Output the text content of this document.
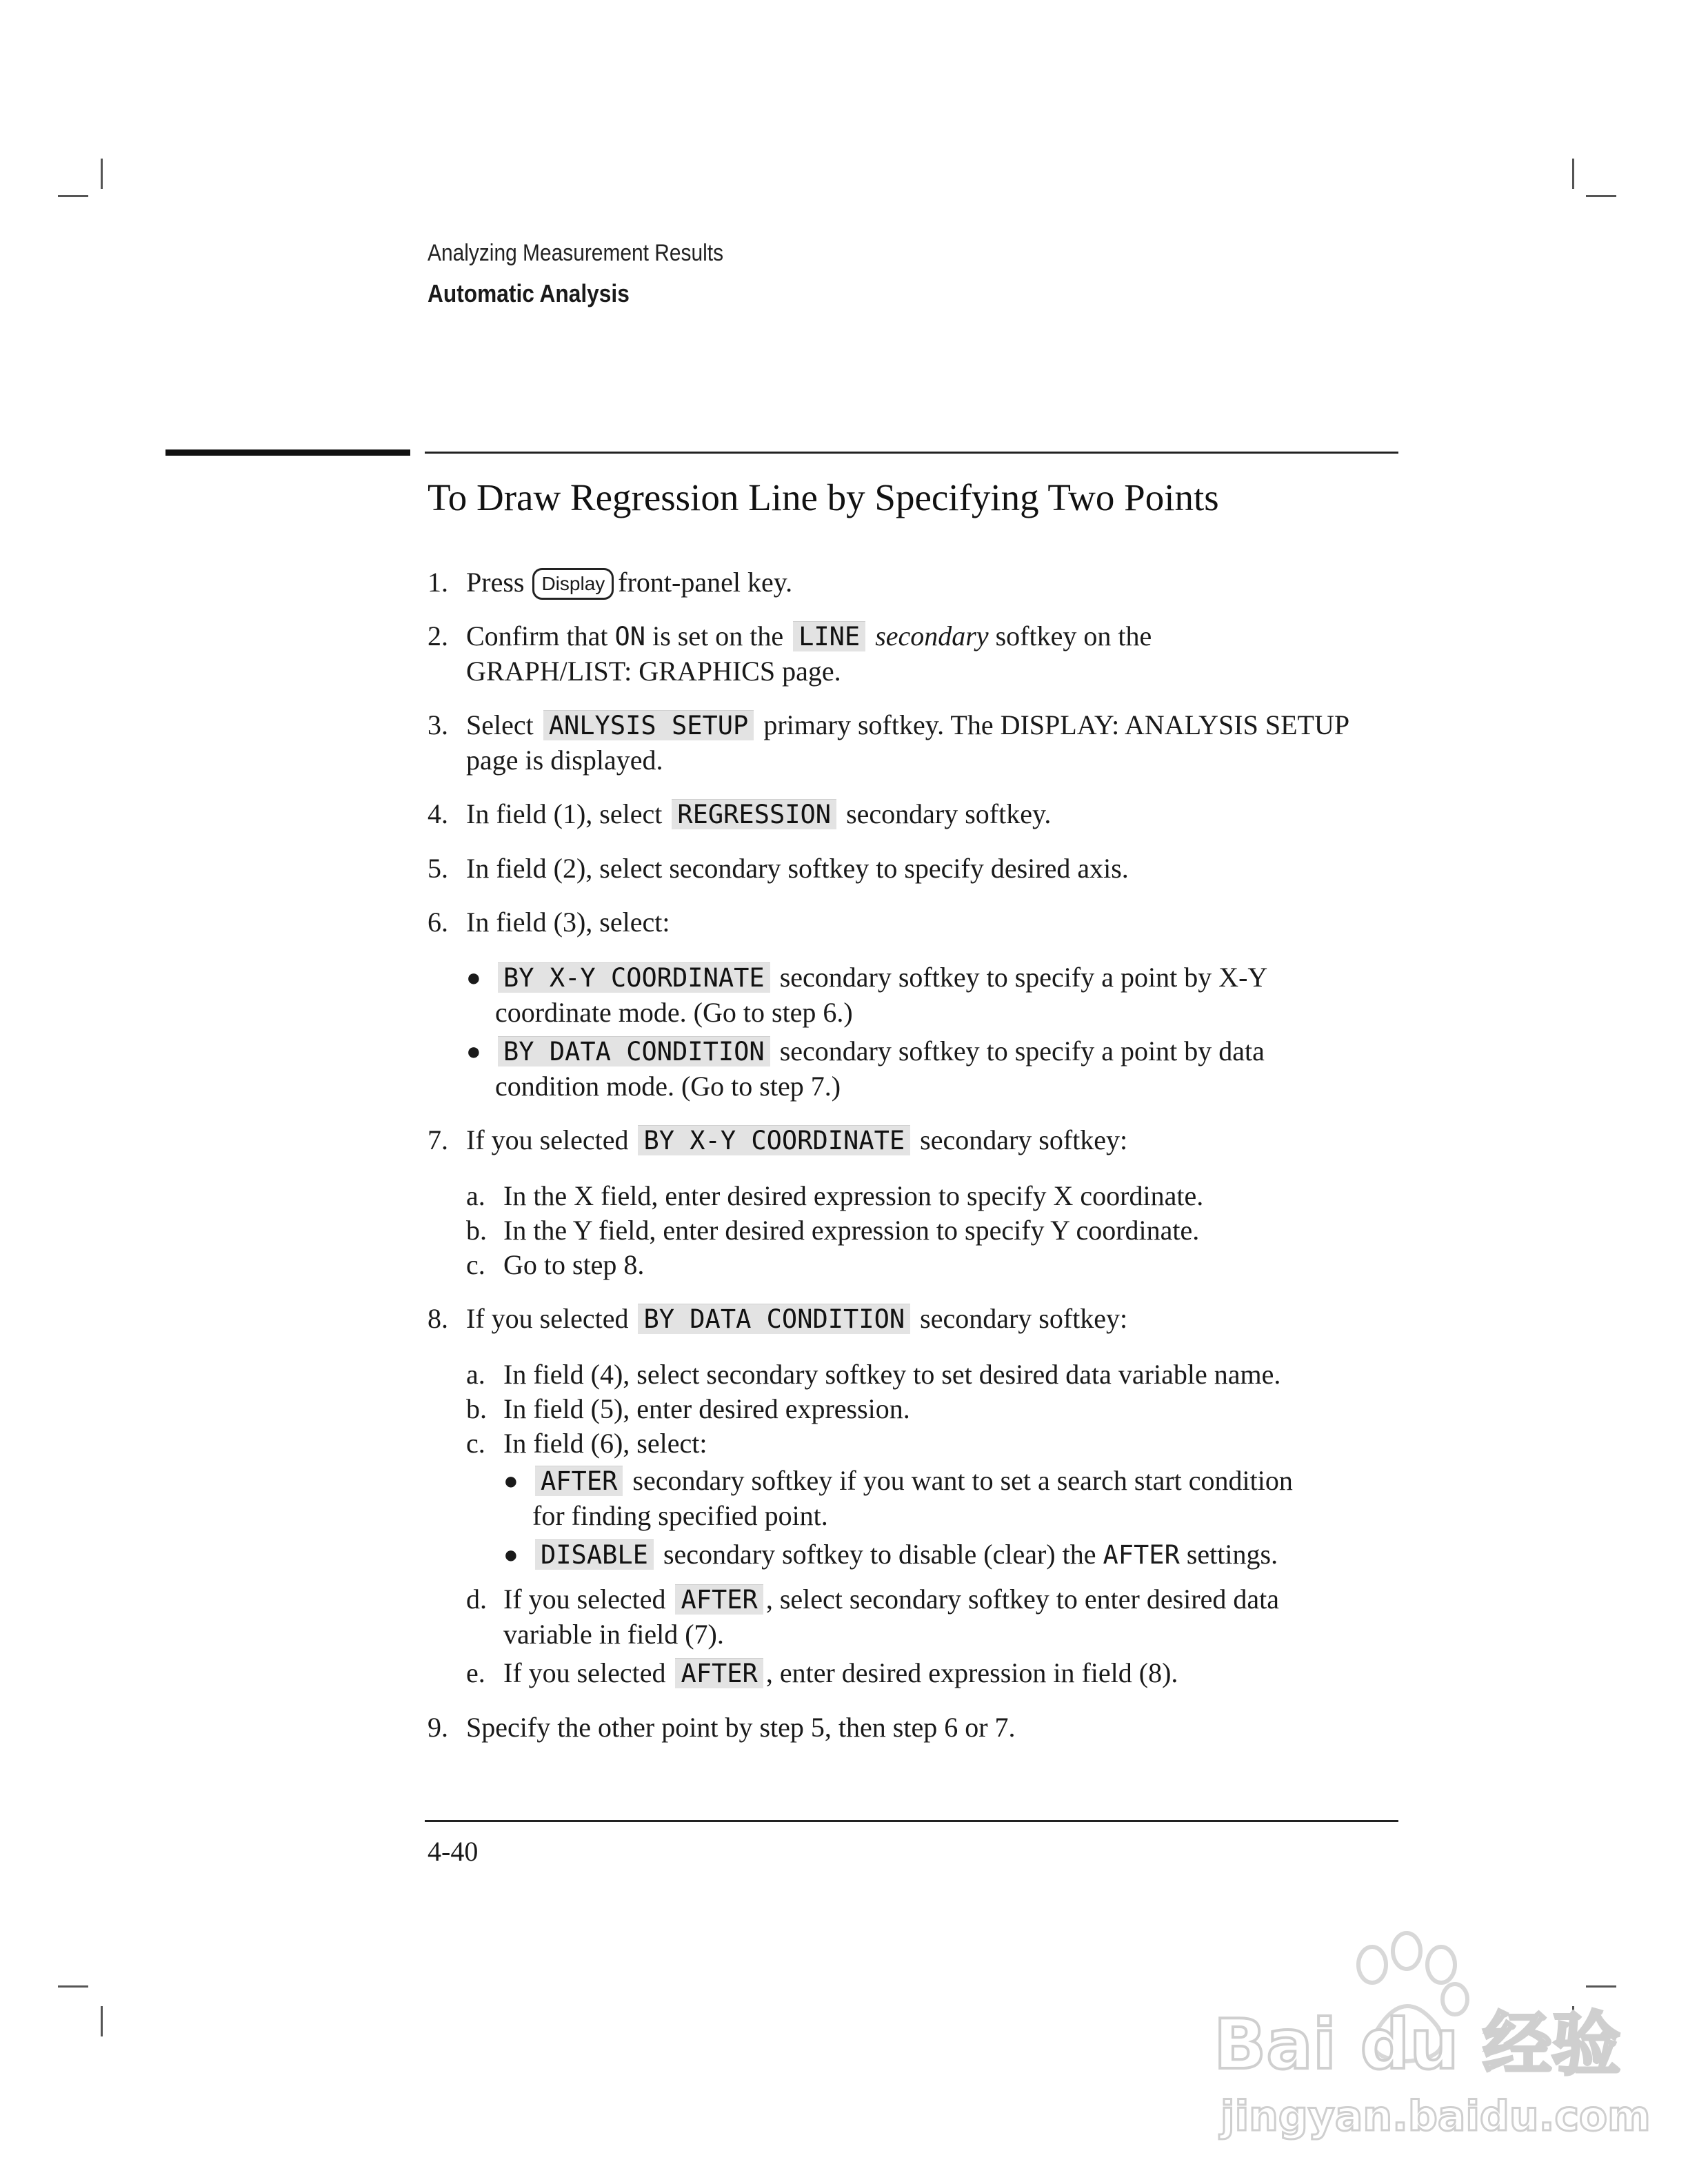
Analyzing Measurement Results
Automatic Analysis
To Draw Regression Line by Specifying Two Points
1. Press Display front-panel key.
2. Confirm that ON is set on the LINE secondary softkey on the
GRAPH/LIST: GRAPHICS page.
3. Select ANLYSIS SETUP primary softkey. The DISPLAY: ANALYSIS SETUP
page is displayed.
4. In field (1), select REGRESSION secondary softkey.
5. In field (2), select secondary softkey to specify desired axis.
6. In field (3), select:
● BY X-Y COORDINATE secondary softkey to specify a point by X-Y
coordinate mode. (Go to step 6.)
● BY DATA CONDITION secondary softkey to specify a point by data
condition mode. (Go to step 7.)
7. If you selected BY X-Y COORDINATE secondary softkey:
a. In the X field, enter desired expression to specify X coordinate.
b. In the Y field, enter desired expression to specify Y coordinate.
c. Go to step 8.
8. If you selected BY DATA CONDITION secondary softkey:
a. In field (4), select secondary softkey to set desired data variable name.
b. In field (5), enter desired expression.
c. In field (6), select:
● AFTER secondary softkey if you want to set a search start condition
for finding specified point.
● DISABLE secondary softkey to disable (clear) the AFTER settings.
d. If you selected AFTER , select secondary softkey to enter desired data
variable in field (7).
e. If you selected AFTER , enter desired expression in field (8).
9. Specify the other point by step 5, then step 6 or 7.
4-40
Bai du 经验
jingyan.baidu.com
